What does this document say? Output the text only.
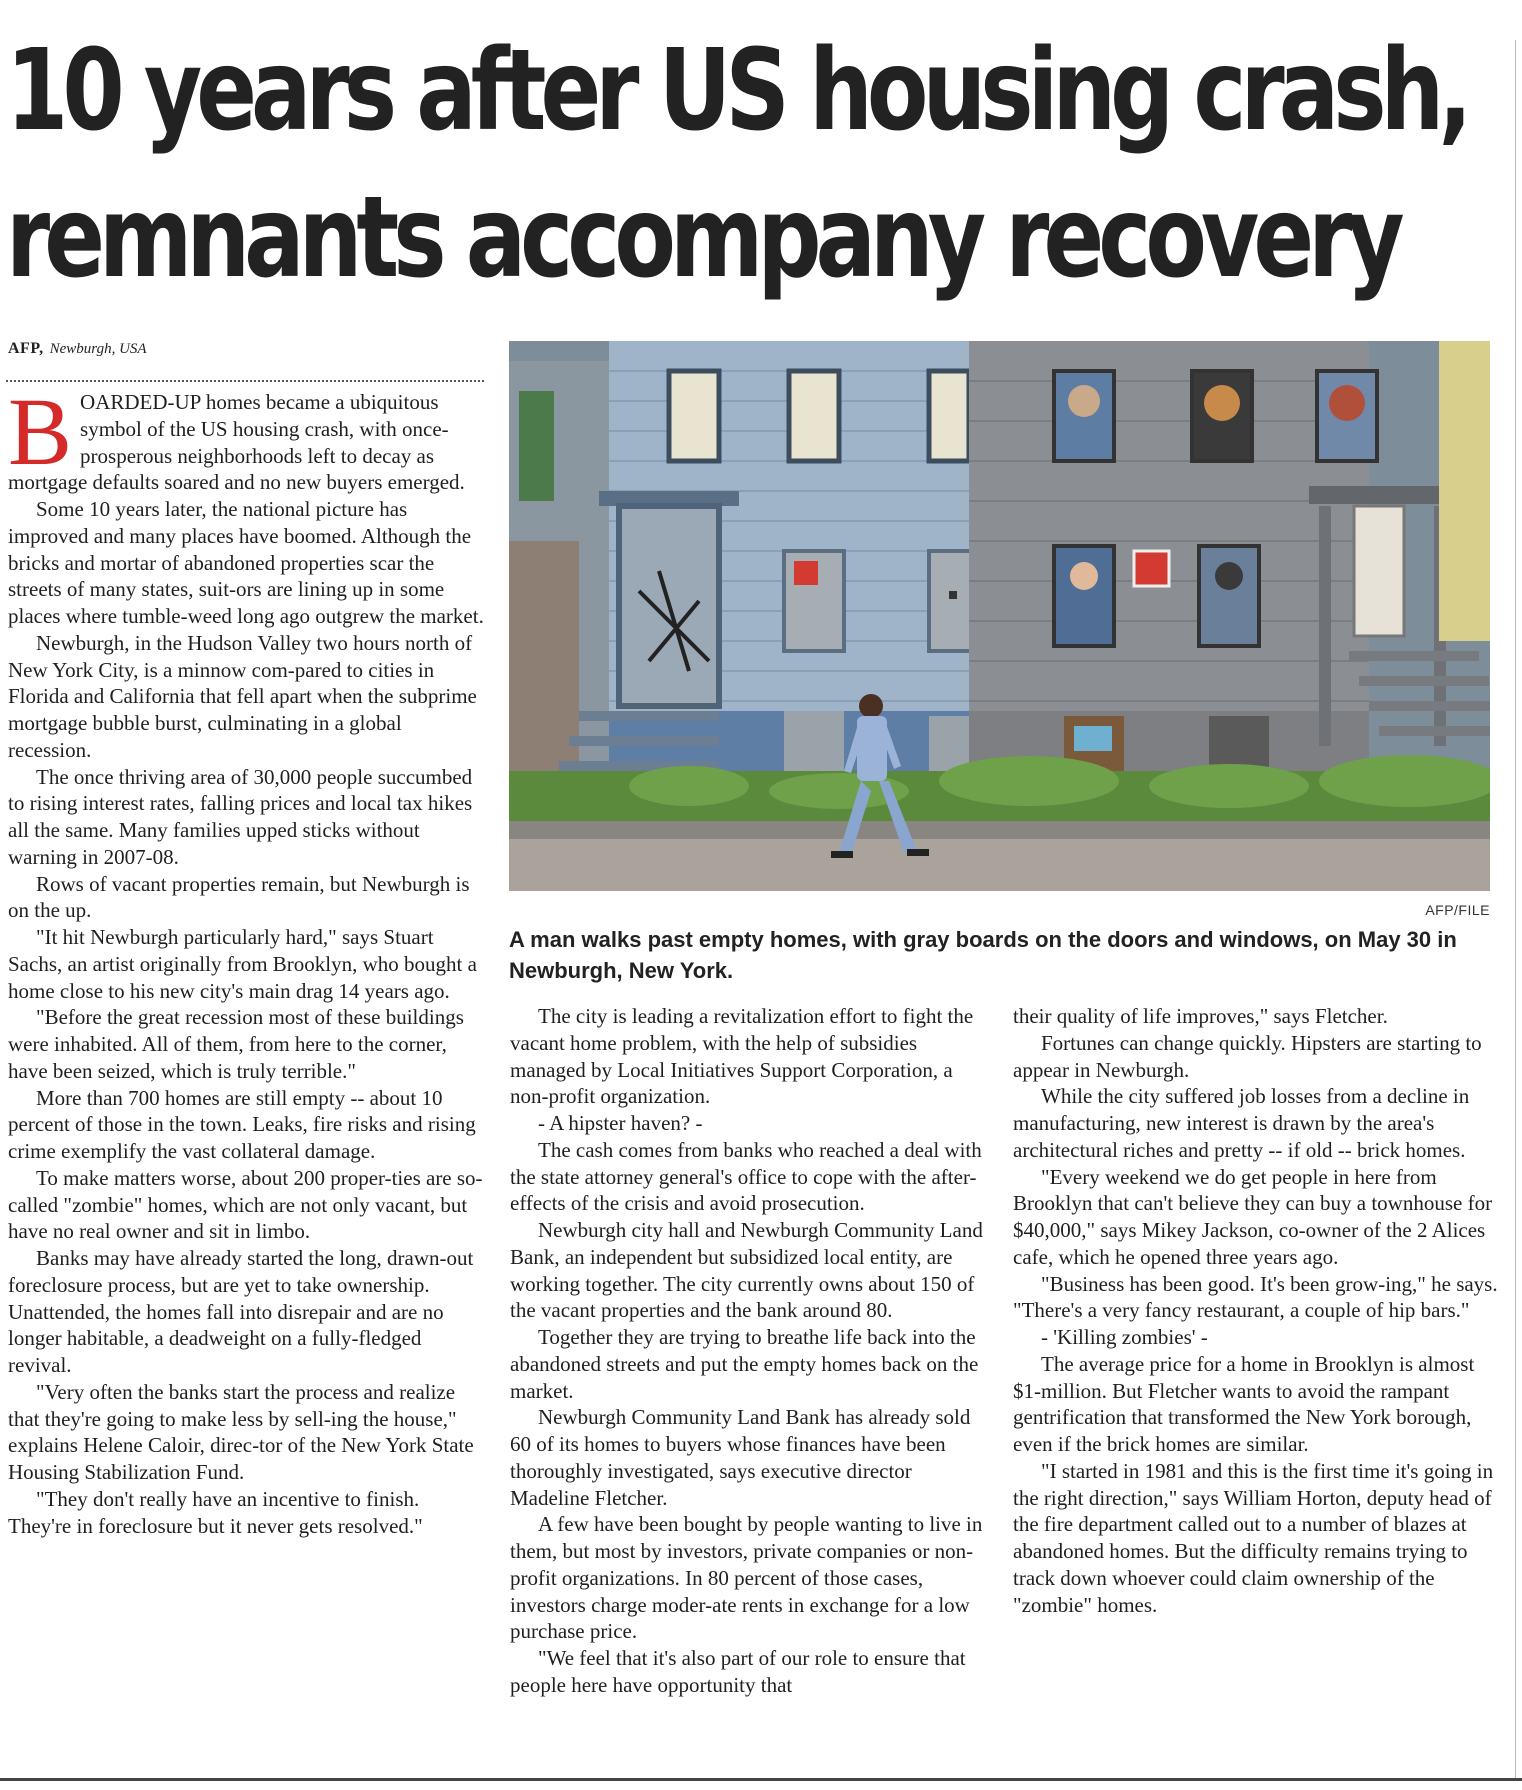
10 years after US housing crash,
remnants accompany recovery
AFP, Newburgh, USA

BOARDED-UP homes became a ubiquitous symbol of the US housing crash, with once-prosperous neighborhoods left to decay as mortgage defaults soared and no new buyers emerged.

Some 10 years later, the national picture has improved and many places have boomed. Although the bricks and mortar of abandoned properties scar the streets of many states, suit-ors are lining up in some places where tumble-weed long ago outgrew the market.

Newburgh, in the Hudson Valley two hours north of New York City, is a minnow com-pared to cities in Florida and California that fell apart when the subprime mortgage bubble burst, culminating in a global recession.

The once thriving area of 30,000 people succumbed to rising interest rates, falling prices and local tax hikes all the same. Many families upped sticks without warning in 2007-08.

Rows of vacant properties remain, but Newburgh is on the up.

"It hit Newburgh particularly hard," says Stuart Sachs, an artist originally from Brooklyn, who bought a home close to his new city's main drag 14 years ago.

"Before the great recession most of these buildings were inhabited. All of them, from here to the corner, have been seized, which is truly terrible."

More than 700 homes are still empty -- about 10 percent of those in the town. Leaks, fire risks and rising crime exemplify the vast collateral damage.

To make matters worse, about 200 proper-ties are so-called "zombie" homes, which are not only vacant, but have no real owner and sit in limbo.

Banks may have already started the long, drawn-out foreclosure process, but are yet to take ownership. Unattended, the homes fall into disrepair and are no longer habitable, a deadweight on a fully-fledged revival.

"Very often the banks start the process and realize that they're going to make less by sell-ing the house," explains Helene Caloir, direc-tor of the New York State Housing Stabilization Fund.

"They don't really have an incentive to finish. They're in foreclosure but it never gets resolved."

AFP/FILE
A man walks past empty homes, with gray boards on the doors and windows, on May 30 in Newburgh, New York.

The city is leading a revitalization effort to fight the vacant home problem, with the help of subsidies managed by Local Initiatives Support Corporation, a non-profit organization.

- A hipster haven? -

The cash comes from banks who reached a deal with the state attorney general's office to cope with the after-effects of the crisis and avoid prosecution.

Newburgh city hall and Newburgh Community Land Bank, an independent but subsidized local entity, are working together. The city currently owns about 150 of the vacant properties and the bank around 80.

Together they are trying to breathe life back into the abandoned streets and put the empty homes back on the market.

Newburgh Community Land Bank has already sold 60 of its homes to buyers whose finances have been thoroughly investigated, says executive director Madeline Fletcher.

A few have been bought by people wanting to live in them, but most by investors, private companies or non-profit organizations. In 80 percent of those cases, investors charge moder-ate rents in exchange for a low purchase price.

"We feel that it's also part of our role to ensure that people here have opportunity that

their quality of life improves," says Fletcher.

Fortunes can change quickly. Hipsters are starting to appear in Newburgh.

While the city suffered job losses from a decline in manufacturing, new interest is drawn by the area's architectural riches and pretty -- if old -- brick homes.

"Every weekend we do get people in here from Brooklyn that can't believe they can buy a townhouse for $40,000," says Mikey Jackson, co-owner of the 2 Alices cafe, which he opened three years ago.

"Business has been good. It's been grow-ing," he says. "There's a very fancy restaurant, a couple of hip bars."

- 'Killing zombies' -

The average price for a home in Brooklyn is almost $1-million. But Fletcher wants to avoid the rampant gentrification that transformed the New York borough, even if the brick homes are similar.

"I started in 1981 and this is the first time it's going in the right direction," says William Horton, deputy head of the fire department called out to a number of blazes at abandoned homes. But the difficulty remains trying to track down whoever could claim ownership of the "zombie" homes.
